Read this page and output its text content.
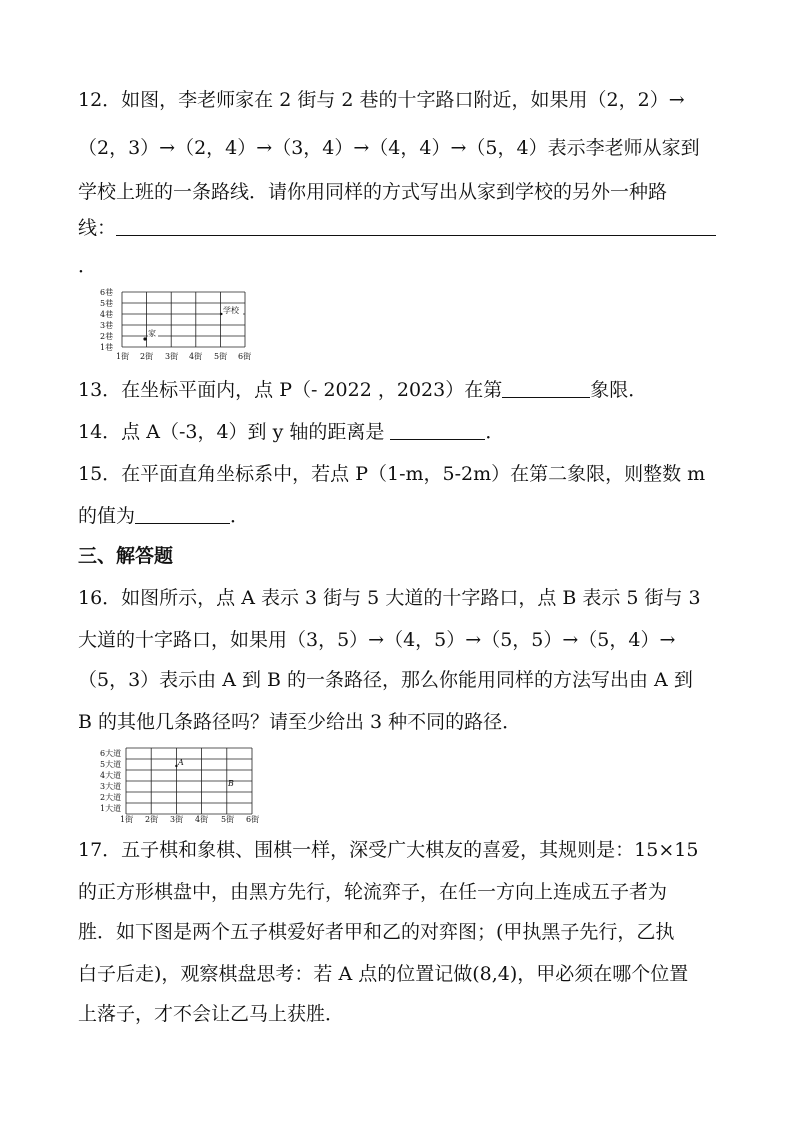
12．如图，李老师家在 2 街与 2 巷的十字路口附近，如果用（2，2）→
（2，3）→（2，4）→（3，4）→（4，4）→（5，4）表示李老师从家到
学校上班的一条路线．请你用同样的方式写出从家到学校的另外一种路
线：
．
6巷
5巷
4巷
3巷
2巷
1巷
1街 2街 3街 4街 5街 6街
家
学校
13．在坐标平面内，点 P（- 2022 ，2023）在第	象限．
14．点 A（-3，4）到 y 轴的距离是	．
15．在平面直角坐标系中，若点 P（1-m，5-2m）在第二象限，则整数 m
的值为	．
三、解答题
16．如图所示，点 A 表示 3 街与 5 大道的十字路口，点 B 表示 5 街与 3
大道的十字路口，如果用（3，5）→（4，5）→（5，5）→（5，4）→
（5，3）表示由 A 到 B 的一条路径，那么你能用同样的方法写出由 A 到
B 的其他几条路径吗？请至少给出 3 种不同的路径．
6大道
5大道
4大道
3大道
2大道
1大道
1街 2街 3街 4街 5街 6街
A
B
17．五子棋和象棋、围棋一样，深受广大棋友的喜爱，其规则是：15×15
的正方形棋盘中，由黑方先行，轮流弈子，在任一方向上连成五子者为
胜．如下图是两个五子棋爱好者甲和乙的对弈图；(甲执黑子先行，乙执
白子后走)，观察棋盘思考：若 A 点的位置记做(8,4)，甲必须在哪个位置
上落子，才不会让乙马上获胜．
